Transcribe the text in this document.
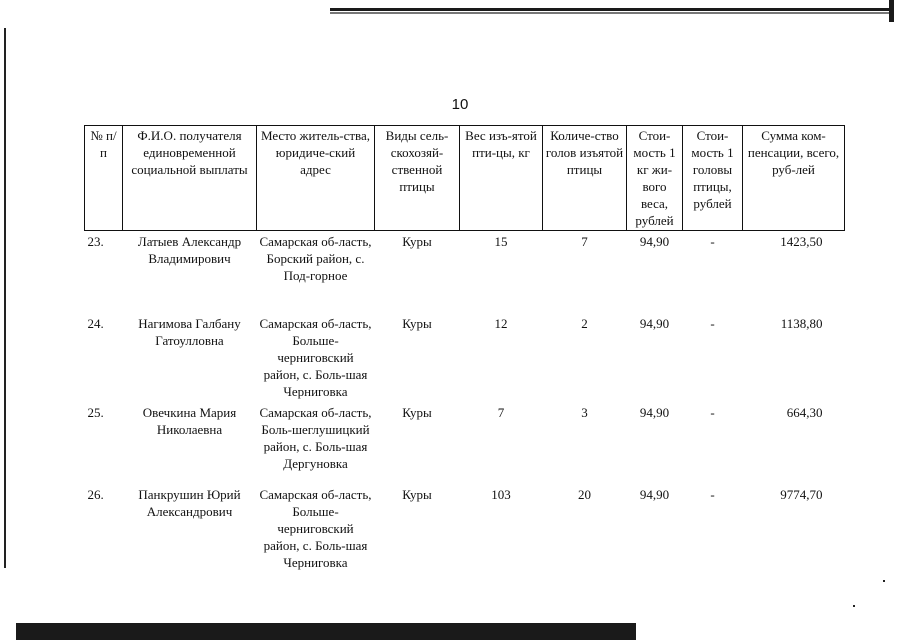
10
№ п/п	Ф.И.О. получателя единовременной социальной выплаты	Место житель-ства, юридиче-ский адрес	Виды сель-скохозяй-ственной птицы	Вес изъ-ятой пти-цы, кг	Количе-ство голов изъятой птицы	Стои-мость 1 кг жи-вого веса, рублей	Стои-мость 1 головы птицы, рублей	Сумма ком-пенсации, всего, руб-лей
23.	Латыев Александр Владимирович	Самарская об-ласть, Борский район, с. Под-горное	Куры	15	7	94,90	-	1423,50
24.	Нагимова Галбану Гатоулловна	Самарская об-ласть, Больше-черниговский район, с. Боль-шая Черниговка	Куры	12	2	94,90	-	1138,80
25.	Овечкина Мария Николаевна	Самарская об-ласть, Боль-шеглушицкий район, с. Боль-шая Дергуновка	Куры	7	3	94,90	-	664,30
26.	Панкрушин Юрий Александрович	Самарская об-ласть, Больше-черниговский район, с. Боль-шая Черниговка	Куры	103	20	94,90	-	9774,70
